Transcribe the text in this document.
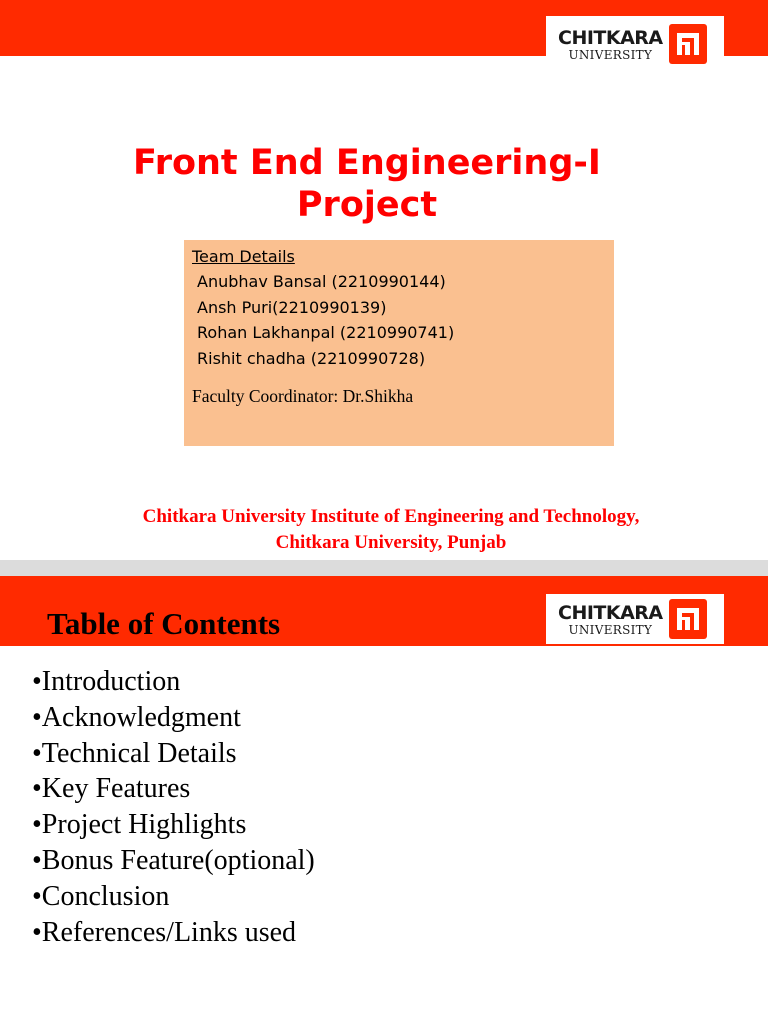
CHITKARA
UNIVERSITY
Front End Engineering-I
Project
Team Details
Anubhav Bansal (2210990144)
Ansh Puri(2210990139)
Rohan Lakhanpal (2210990741)
Rishit chadha (2210990728)
Faculty Coordinator: Dr.Shikha
Chitkara University Institute of Engineering and Technology,
Chitkara University, Punjab
CHITKARA
UNIVERSITY
Table of Contents
•Introduction
•Acknowledgment
•Technical Details
•Key Features
•Project Highlights
•Bonus Feature(optional)
•Conclusion
•References/Links used
